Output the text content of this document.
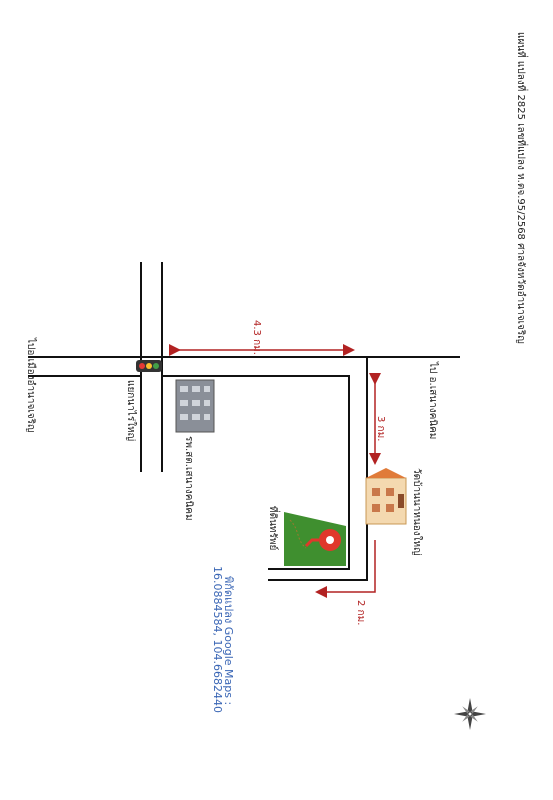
แผนที่ แปลงที่ 2825 เลขที่แปลง ห.ตจ.95/2568 ศาลจังหวัดอำนาจเจริญ
4.3 กม.
3 กม.
2 กม.
ไปอ.เมืองอำนาจเจริญ	ไป อ.เสนางคนิคม
แยกนาไร่ใหญ่
รพ.สต.เสนางคนิคม	วัดบ้านนาหนองใหญ่
ที่ดินทรัพย์
พิกัดแปลง Google Maps :
16.0884584, 104.6682440
